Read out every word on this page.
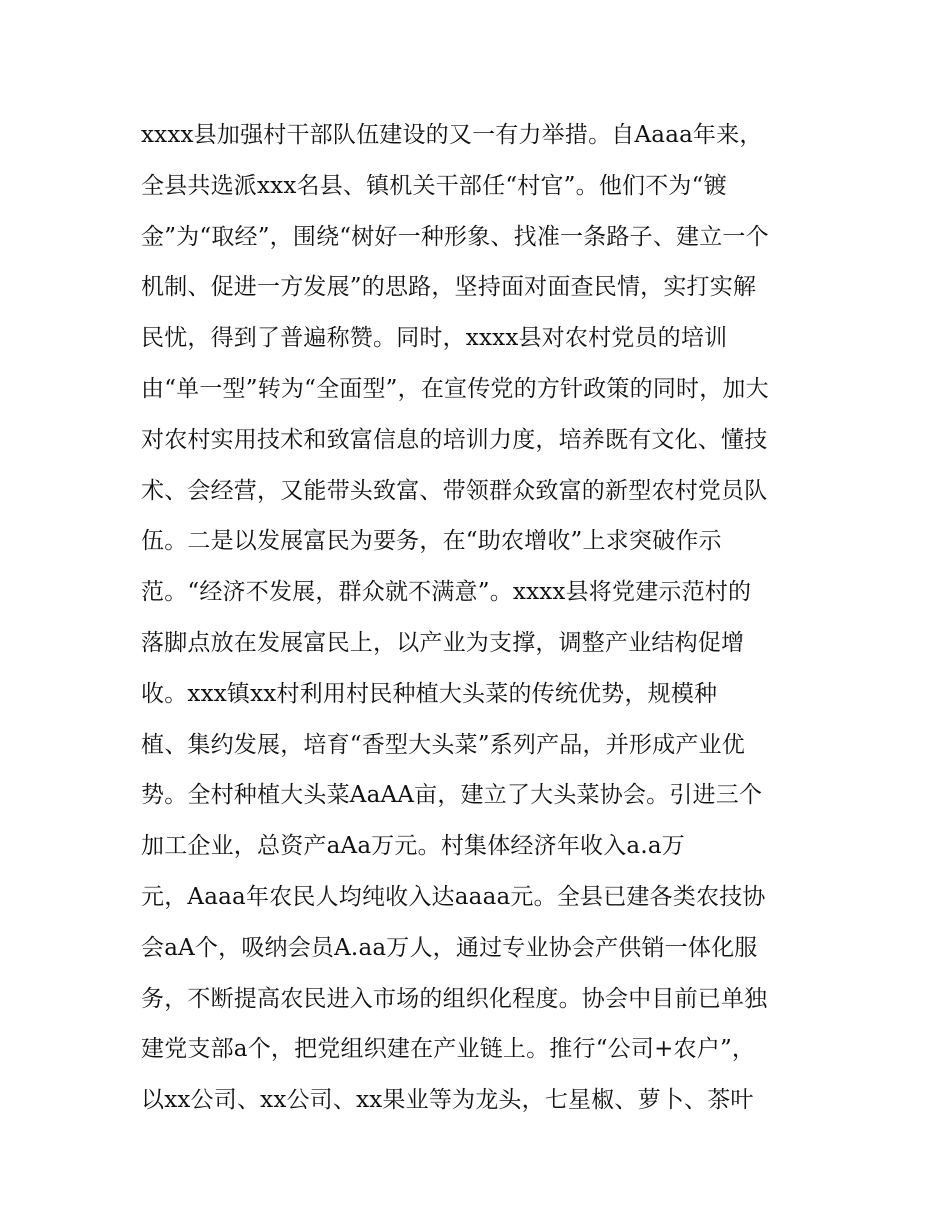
xxxx县加强村干部队伍建设的又一有力举措。自Aaaa年来，
全县共选派xxx名县、镇机关干部任“村官”。他们不为“镀
金”为“取经”，围绕“树好一种形象、找准一条路子、建立一个
机制、促进一方发展”的思路，坚持面对面查民情，实打实解
民忧，得到了普遍称赞。同时，xxxx县对农村党员的培训
由“单一型”转为“全面型”，在宣传党的方针政策的同时，加大
对农村实用技术和致富信息的培训力度，培养既有文化、懂技
术、会经营，又能带头致富、带领群众致富的新型农村党员队
伍。二是以发展富民为要务，在“助农增收”上求突破作示
范。“经济不发展，群众就不满意”。xxxx县将党建示范村的
落脚点放在发展富民上，以产业为支撑，调整产业结构促增
收。xxx镇xx村利用村民种植大头菜的传统优势，规模种
植、集约发展，培育“香型大头菜”系列产品，并形成产业优
势。全村种植大头菜AaAA亩，建立了大头菜协会。引进三个
加工企业，总资产aAa万元。村集体经济年收入a.a万
元，Aaaa年农民人均纯收入达aaaa元。全县已建各类农技协
会aA个，吸纳会员A.aa万人，通过专业协会产供销一体化服
务，不断提高农民进入市场的组织化程度。协会中目前已单独
建党支部a个，把党组织建在产业链上。推行“公司+农户”，
以xx公司、xx公司、xx果业等为龙头，七星椒、萝卜、茶叶
